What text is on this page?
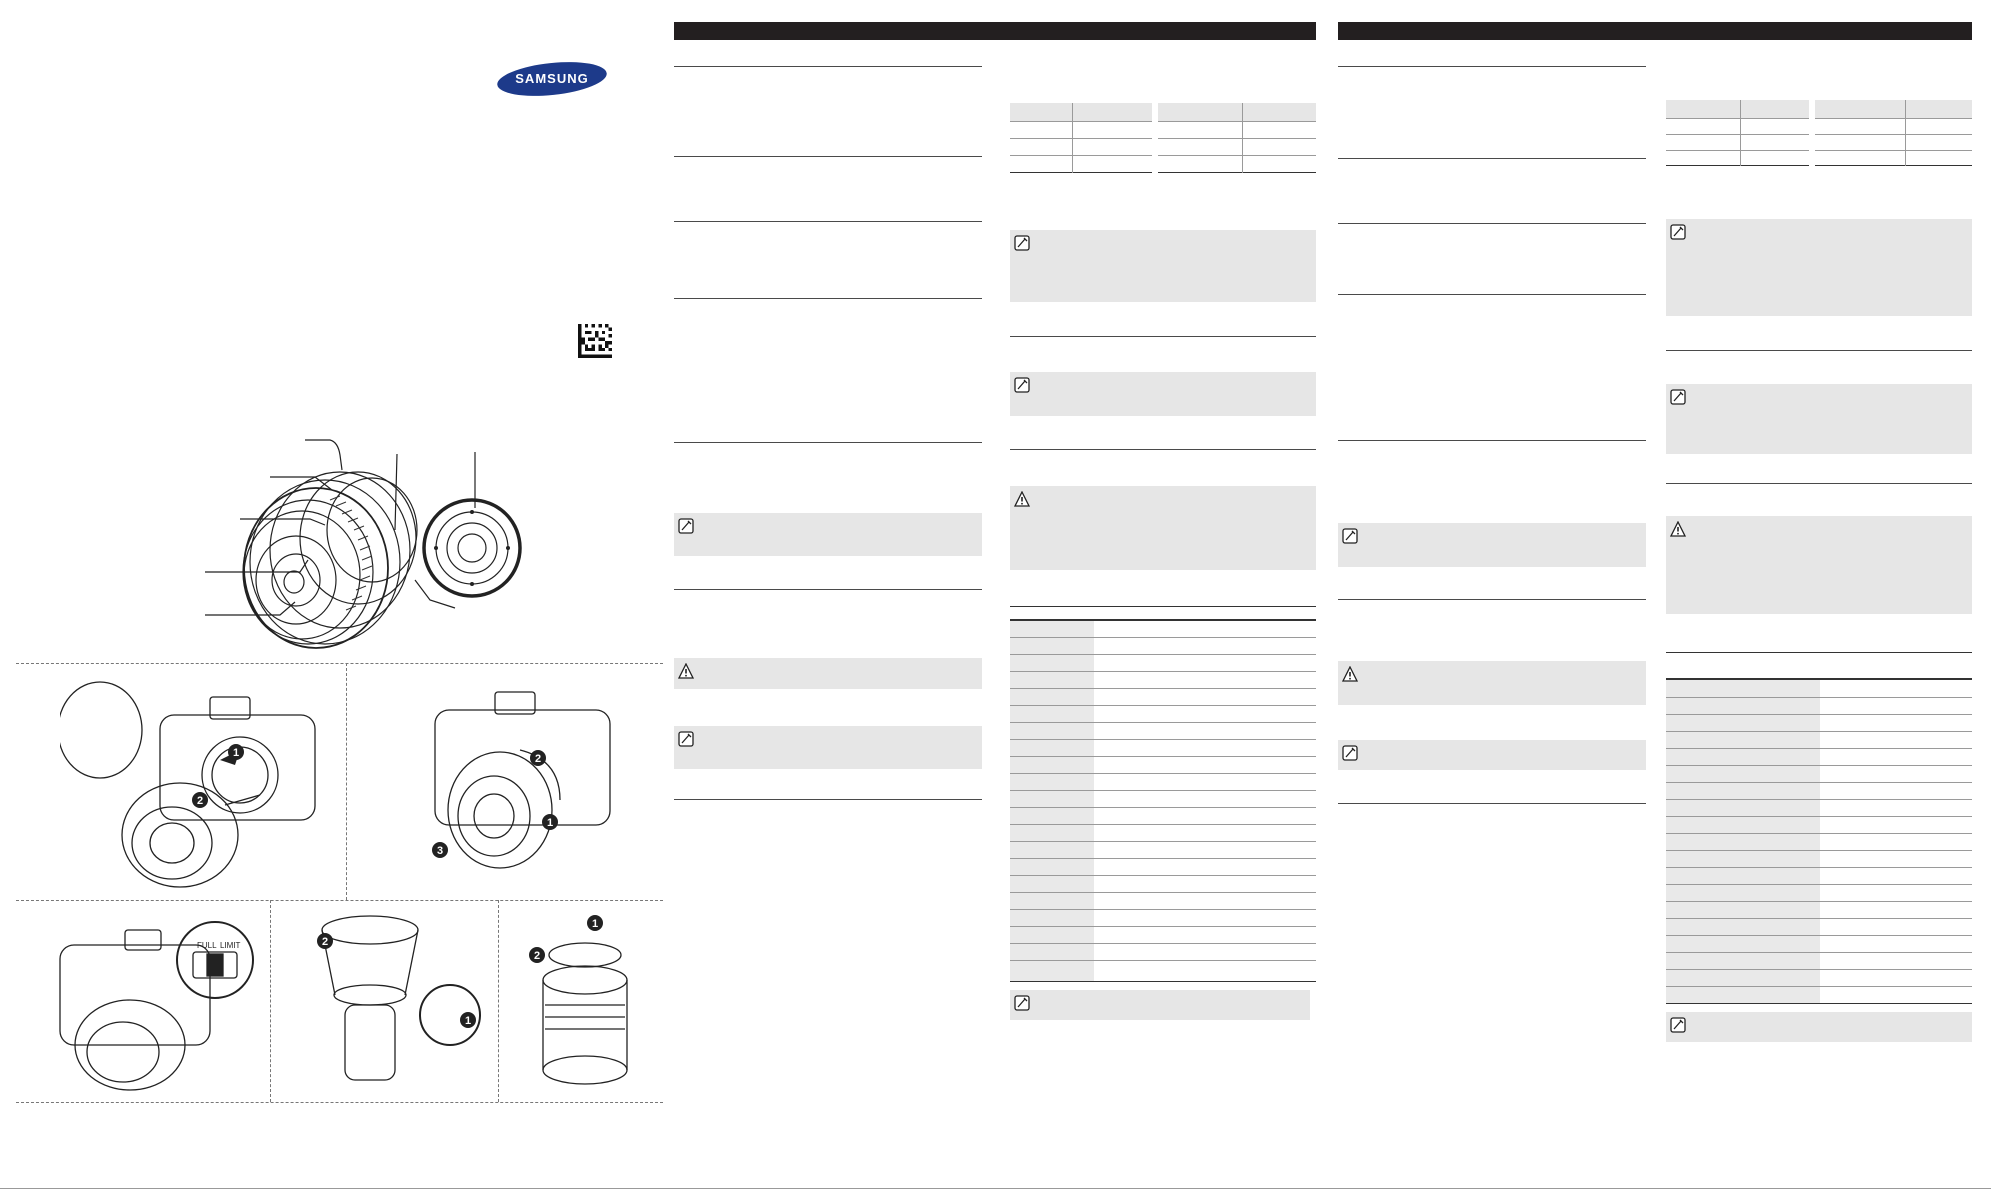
SAMSUNG
1
2
2
1
3
FULL LIMIT	2
1
1
2
